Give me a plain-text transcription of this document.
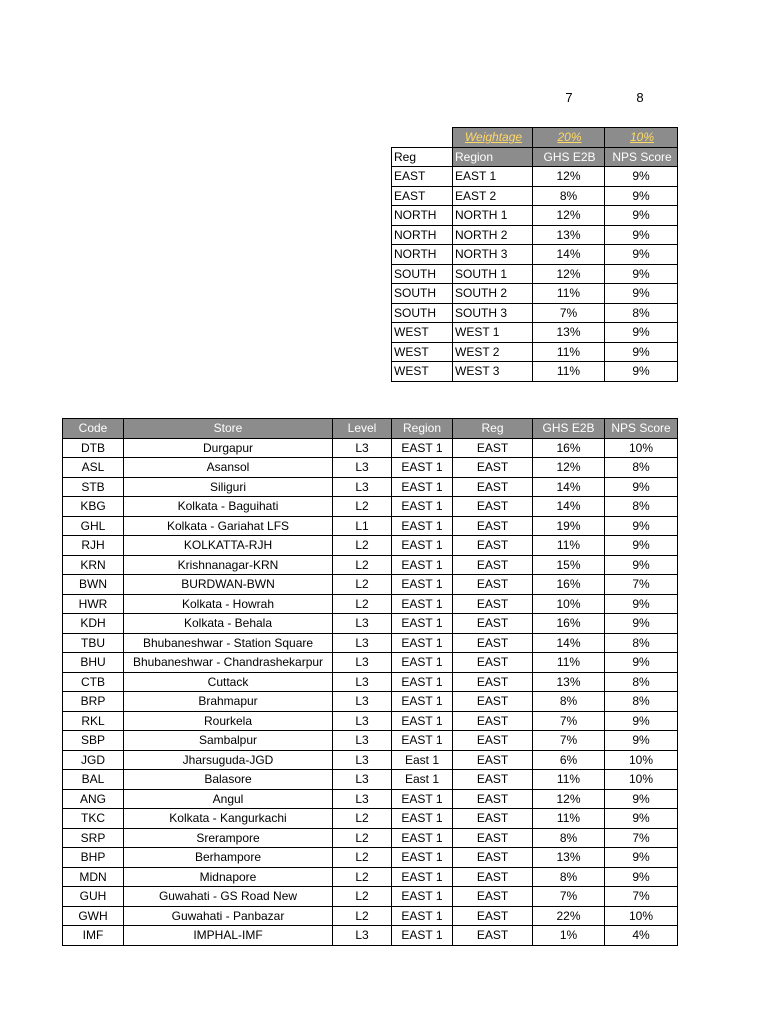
7	8
	Weightage	20%	10%
Reg	Region	GHS E2B	NPS Score
EAST	EAST 1	12%	9%
EAST	EAST 2	8%	9%
NORTH	NORTH 1	12%	9%
NORTH	NORTH 2	13%	9%
NORTH	NORTH 3	14%	9%
SOUTH	SOUTH 1	12%	9%
SOUTH	SOUTH 2	11%	9%
SOUTH	SOUTH 3	7%	8%
WEST	WEST 1	13%	9%
WEST	WEST 2	11%	9%
WEST	WEST 3	11%	9%
Code	Store	Level	Region	Reg	GHS E2B	NPS Score
DTB	Durgapur	L3	EAST 1	EAST	16%	10%
ASL	Asansol	L3	EAST 1	EAST	12%	8%
STB	Siliguri	L3	EAST 1	EAST	14%	9%
KBG	Kolkata - Baguihati	L2	EAST 1	EAST	14%	8%
GHL	Kolkata - Gariahat LFS	L1	EAST 1	EAST	19%	9%
RJH	KOLKATTA-RJH	L2	EAST 1	EAST	11%	9%
KRN	Krishnanagar-KRN	L2	EAST 1	EAST	15%	9%
BWN	BURDWAN-BWN	L2	EAST 1	EAST	16%	7%
HWR	Kolkata - Howrah	L2	EAST 1	EAST	10%	9%
KDH	Kolkata - Behala	L3	EAST 1	EAST	16%	9%
TBU	Bhubaneshwar - Station Square	L3	EAST 1	EAST	14%	8%
BHU	Bhubaneshwar - Chandrashekarpur	L3	EAST 1	EAST	11%	9%
CTB	Cuttack	L3	EAST 1	EAST	13%	8%
BRP	Brahmapur	L3	EAST 1	EAST	8%	8%
RKL	Rourkela	L3	EAST 1	EAST	7%	9%
SBP	Sambalpur	L3	EAST 1	EAST	7%	9%
JGD	Jharsuguda-JGD	L3	East 1	EAST	6%	10%
BAL	Balasore	L3	East 1	EAST	11%	10%
ANG	Angul	L3	EAST 1	EAST	12%	9%
TKC	Kolkata - Kangurkachi	L2	EAST 1	EAST	11%	9%
SRP	Srerampore	L2	EAST 1	EAST	8%	7%
BHP	Berhampore	L2	EAST 1	EAST	13%	9%
MDN	Midnapore	L2	EAST 1	EAST	8%	9%
GUH	Guwahati - GS Road New	L2	EAST 1	EAST	7%	7%
GWH	Guwahati - Panbazar	L2	EAST 1	EAST	22%	10%
IMF	IMPHAL-IMF	L3	EAST 1	EAST	1%	4%
